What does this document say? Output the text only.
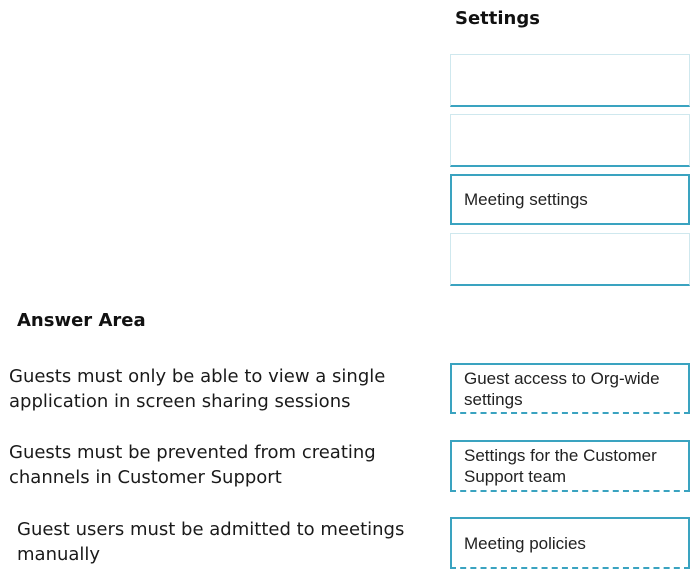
Settings
Meeting settings
Answer Area
Guests must only be able to view a single application in screen sharing sessions
Guest access to Org-wide settings
Guests must be prevented from creating channels in Customer Support
Settings for the Customer Support team
Guest users must be admitted to meetings manually
Meeting policies
